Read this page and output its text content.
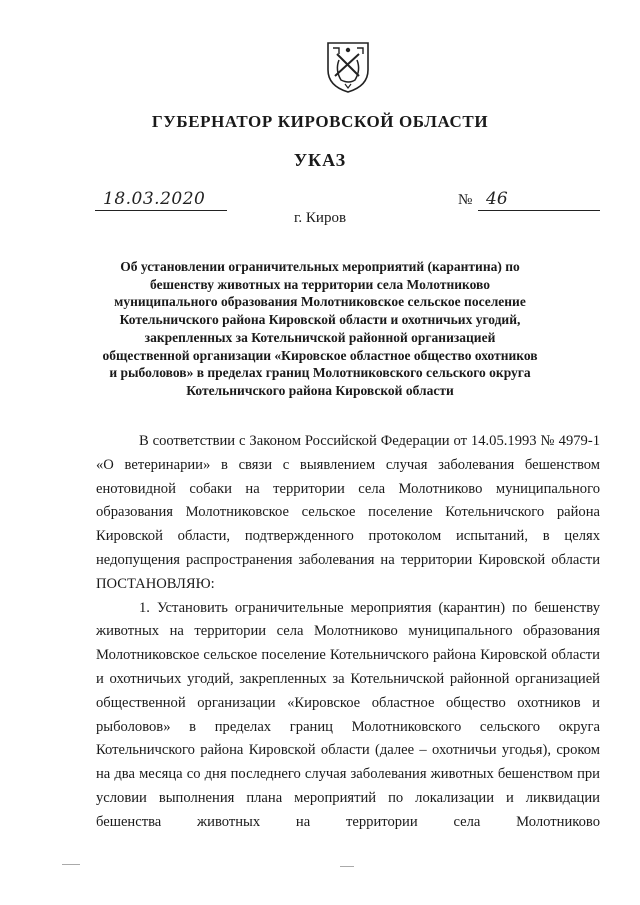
ГУБЕРНАТОР КИРОВСКОЙ ОБЛАСТИ
УКАЗ
18.03.2020	№ 46
г. Киров
Об установлении ограничительных мероприятий (карантина) по бешенству животных на территории села Молотниково муниципального образования Молотниковское сельское поселение Котельничского района Кировской области и охотничьих угодий, закрепленных за Котельничской районной организацией общественной организации «Кировское областное общество охотников и рыболовов» в пределах границ Молотниковского сельского округа Котельничского района Кировской области

В соответствии с Законом Российской Федерации от 14.05.1993 № 4979-1 «О ветеринарии» в связи с выявлением случая заболевания бешенством енотовидной собаки на территории села Молотниково муниципального образования Молотниковское сельское поселение Котельничского района Кировской области, подтвержденного протоколом испытаний, в целях недопущения распространения заболевания на территории Кировской области ПОСТАНОВЛЯЮ:

1. Установить ограничительные мероприятия (карантин) по бешенству животных на территории села Молотниково муниципального образования Молотниковское сельское поселение Котельничского района Кировской области и охотничьих угодий, закрепленных за Котельничской районной организацией общественной организации «Кировское областное общество охотников и рыболовов» в пределах границ Молотниковского сельского округа Котельничского района Кировской области (далее – охотничьи угодья), сроком на два месяца со дня последнего случая заболевания животных бешенством при условии выполнения плана мероприятий по локализации и ликвидации бешенства животных на территории села Молотниково
